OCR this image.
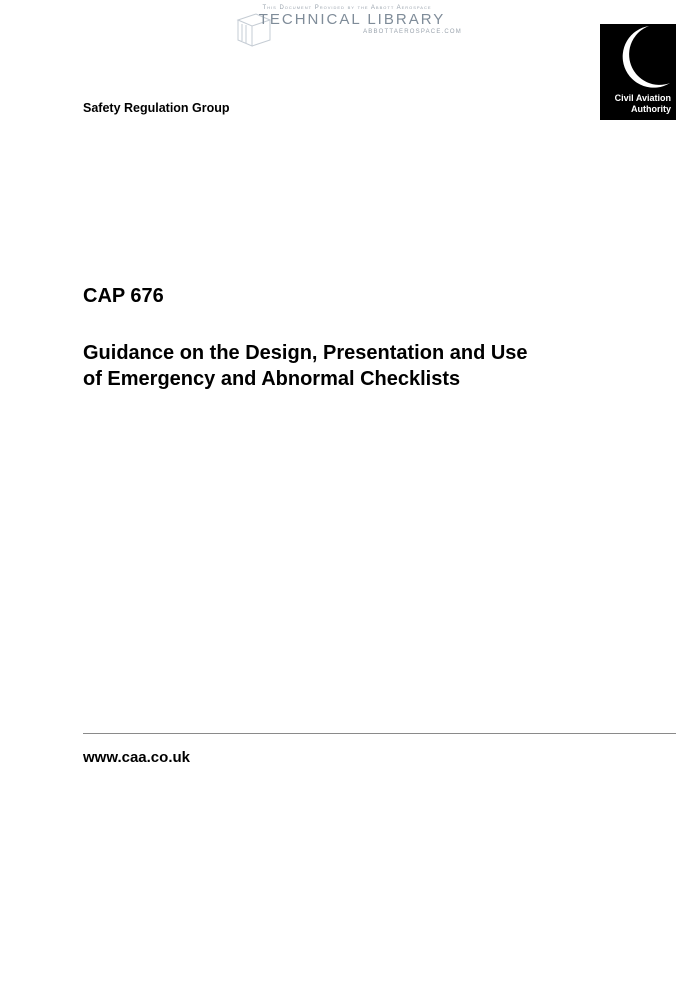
This Document Provided by the Abbott Aerospace
TECHNICAL LIBRARY
ABBOTTAEROSPACE.COM
Civil Aviation
Authority
Safety Regulation Group
CAP 676
Guidance on the Design, Presentation and Use
of Emergency and Abnormal Checklists
www.caa.co.uk
